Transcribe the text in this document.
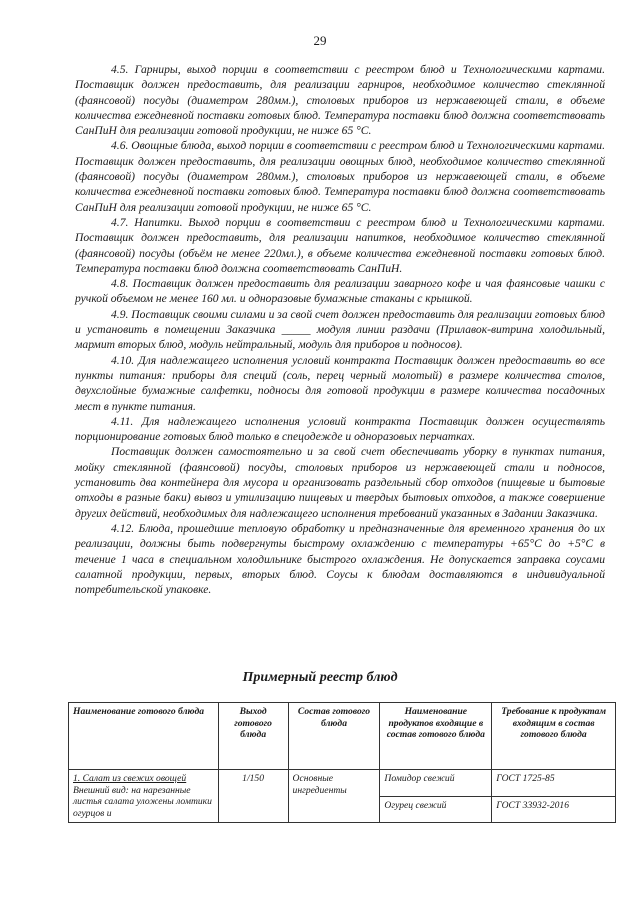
29

4.5. Гарниры, выход порции в соответствии с реестром блюд и Технологическими картами. Поставщик должен предоставить, для реализации гарниров, необходимое количество стеклянной (фаянсовой) посуды (диаметром 280мм.), столовых приборов из нержавеющей стали, в объеме количества ежедневной поставки готовых блюд. Температура поставки блюд должна соответствовать СанПиН для реализации готовой продукции, не ниже 65 °С.

4.6. Овощные блюда, выход порции в соответствии с реестром блюд и Технологическими картами. Поставщик должен предоставить, для реализации овощных блюд, необходимое количество стеклянной (фаянсовой) посуды (диаметром 280мм.), столовых приборов из нержавеющей стали, в объеме количества ежедневной поставки готовых блюд. Температура поставки блюд должна соответствовать СанПиН для реализации готовой продукции, не ниже 65 °С.

4.7. Напитки. Выход порции в соответствии с реестром блюд и Технологическими картами. Поставщик должен предоставить, для реализации напитков, необходимое количество стеклянной (фаянсовой) посуды (объём не менее 220мл.), в объеме количества ежедневной поставки готовых блюд. Температура поставки блюд должна соответствовать СанПиН.

4.8. Поставщик должен предоставить для реализации заварного кофе и чая фаянсовые чашки с ручкой объемом не менее 160 мл. и одноразовые бумажные стаканы с крышкой.

4.9. Поставщик своими силами и за свой счет должен предоставить для реализации готовых блюд и установить в помещении Заказчика _____ модуля линии раздачи (Прилавок-витрина холодильный, мармит вторых блюд, модуль нейтральный, модуль для приборов и подносов).

4.10. Для надлежащего исполнения условий контракта Поставщик должен предоставить во все пункты питания: приборы для специй (соль, перец черный молотый) в размере количества столов, двухслойные бумажные салфетки, подносы для готовой продукции в размере количества посадочных мест в пункте питания.

4.11. Для надлежащего исполнения условий контракта Поставщик должен осуществлять порционирование готовых блюд только в спецодежде и одноразовых перчатках.

Поставщик должен самостоятельно и за свой счет обеспечивать уборку в пунктах питания, мойку стеклянной (фаянсовой) посуды, столовых приборов из нержавеющей стали и подносов, установить два контейнера для мусора и организовать раздельный сбор отходов (пищевые и бытовые отходы в разные баки) вывоз и утилизацию пищевых и твердых бытовых отходов, а также совершение других действий, необходимых для надлежащего исполнения требований указанных в Задании Заказчика.

4.12. Блюда, прошедшие тепловую обработку и предназначенные для временного хранения до их реализации, должны быть подвергнуты быстрому охлаждению с температуры +65°С до +5°С в течение 1 часа в специальном холодильнике быстрого охлаждения. Не допускается заправка соусами салатной продукции, первых, вторых блюд. Соусы к блюдам доставляются в индивидуальной потребительской упаковке.

Примерный реестр блюд
Наименование готового блюда	Выход готового блюда	Состав готового блюда	Наименование продуктов входящие в состав готового блюда	Требование к продуктам входящим в состав готового блюда

1. Салат из свежих овощей
Внешний вид: на нарезанные листья салата уложены ломтики огурцов и	1/150	Основные ингредиенты	Помидор свежий	ГОСТ 1725-85
			Огурец свежий	ГОСТ 33932-2016
